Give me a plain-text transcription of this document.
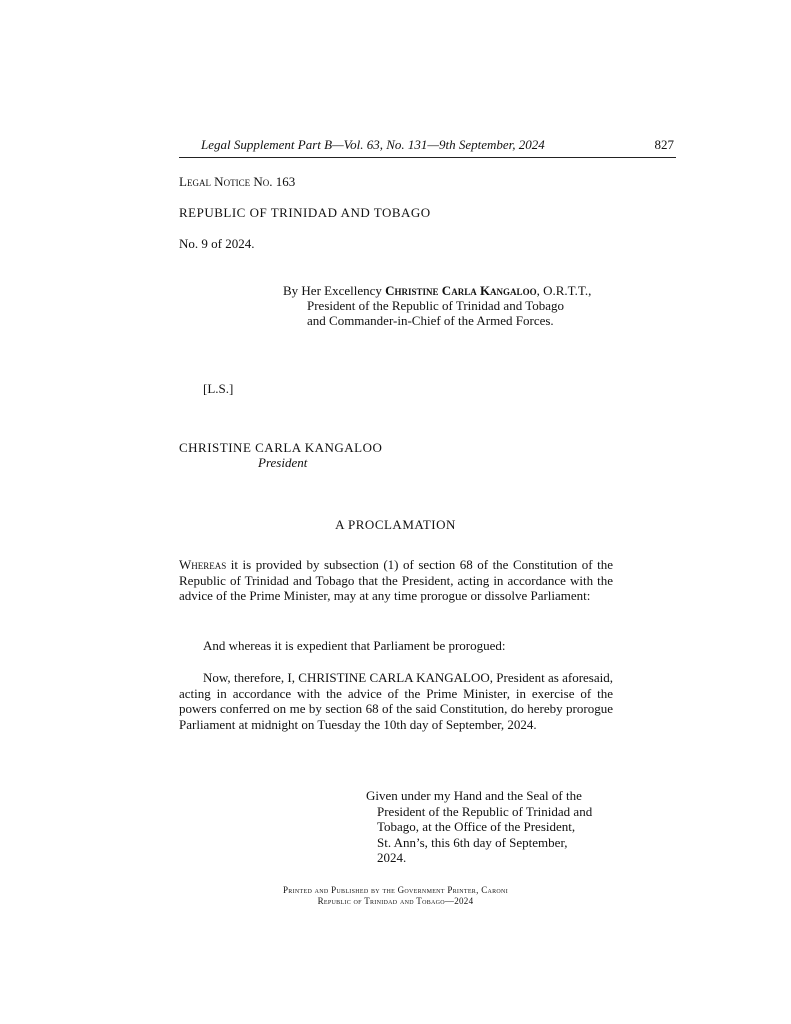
Legal Supplement Part B—Vol. 63, No. 131—9th September, 2024	827
Legal Notice No. 163
REPUBLIC OF TRINIDAD AND TOBAGO
No. 9 of 2024.
By Her Excellency Christine Carla Kangaloo, O.R.T.T.,
President of the Republic of Trinidad and Tobago
and Commander-in-Chief of the Armed Forces.
[L.S.]
CHRISTINE CARLA KANGALOO
President
A PROCLAMATION
Whereas it is provided by subsection (1) of section 68 of the Constitution of the Republic of Trinidad and Tobago that the President, acting in accordance with the advice of the Prime Minister, may at any time prorogue or dissolve Parliament:
And whereas it is expedient that Parliament be prorogued:
Now, therefore, I, CHRISTINE CARLA KANGALOO, President as aforesaid, acting in accordance with the advice of the Prime Minister, in exercise of the powers conferred on me by section 68 of the said Constitution, do hereby prorogue Parliament at midnight on Tuesday the 10th day of September, 2024.
Given under my Hand and the Seal of the
President of the Republic of Trinidad and
Tobago, at the Office of the President,
St. Ann’s, this 6th day of September,
2024.
Printed and Published by the Government Printer, Caroni
Republic of Trinidad and Tobago—2024
